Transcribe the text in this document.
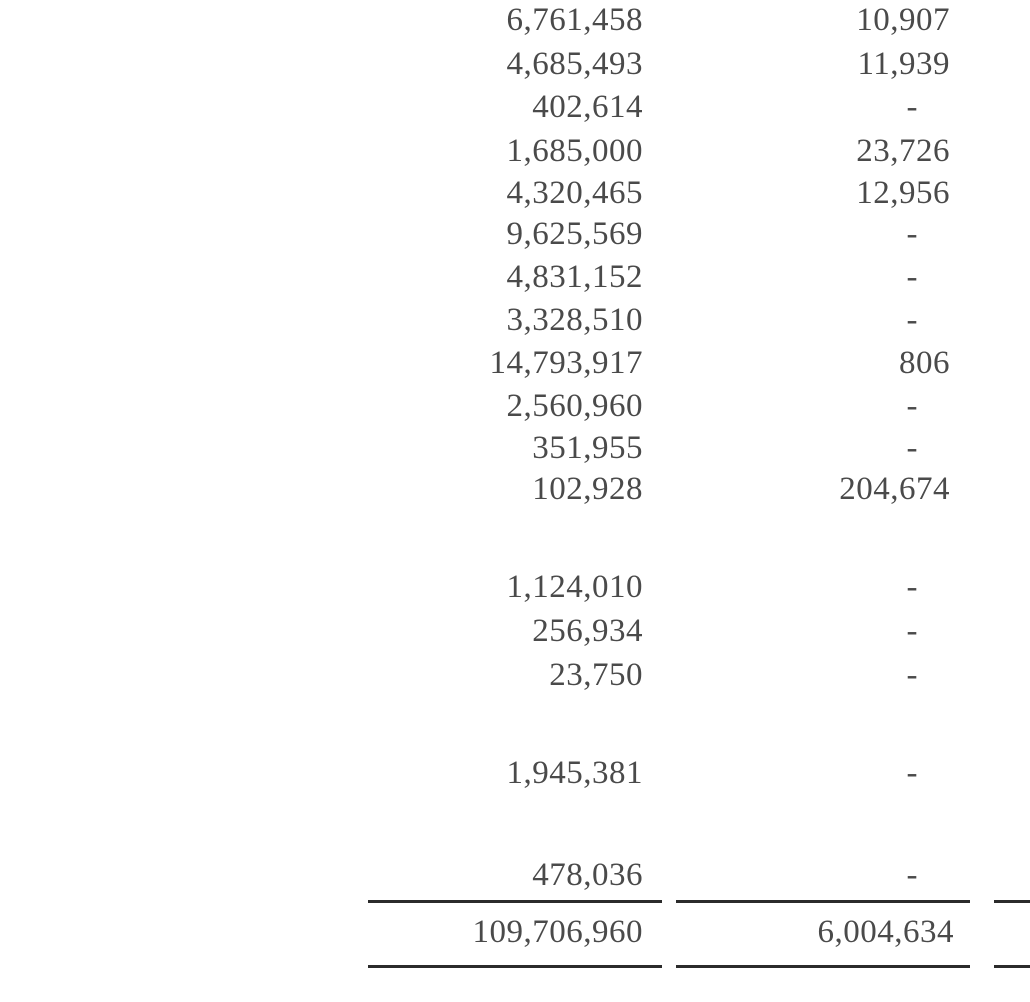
6,761,458	10,907
4,685,493	11,939
402,614	-
1,685,000	23,726
4,320,465	12,956
9,625,569	-
4,831,152	-
3,328,510	-
14,793,917	806
2,560,960	-
351,955	-
102,928	204,674
1,124,010	-
256,934	-
23,750	-
1,945,381	-
478,036	-
109,706,960	6,004,634
